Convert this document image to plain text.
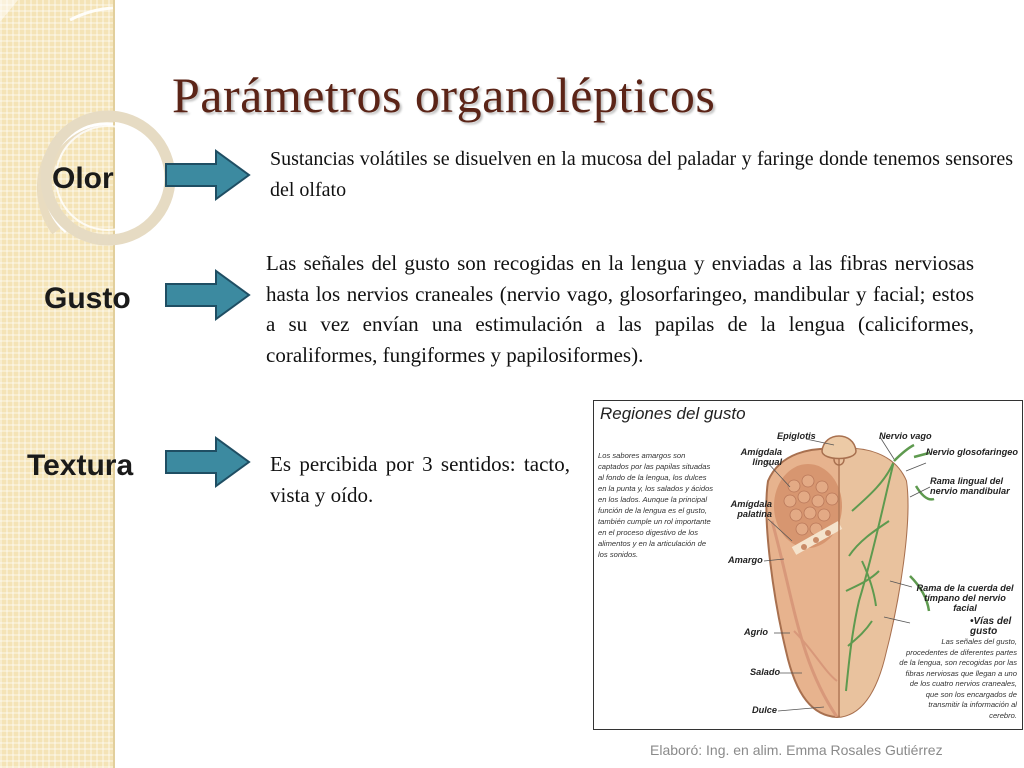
Parámetros organolépticos
Olor
Sustancias volátiles se disuelven en la mucosa del paladar y faringe donde tenemos sensores del olfato
Gusto
Las señales del gusto son recogidas en la lengua y enviadas a las fibras nerviosas hasta los nervios craneales (nervio vago, glosorfaringeo, mandibular y facial; estos a su vez envían una estimulación a las papilas de la lengua (caliciformes, coraliformes, fungiformes y papilosiformes).
Textura	Es percibida por 3 sentidos: tacto, vista y oído.
Regiones del gusto
Los sabores amargos son captados por las papilas situadas al fondo de la lengua, los dulces en la punta y, los salados y ácidos en los lados. Aunque la principal función de la lengua es el gusto, también cumple un rol importante en el proceso digestivo de los alimentos y en la articulación de los sonidos.
Epiglotis	Nervio vago
Amígdala lingual
Nervio glosofaringeo
Rama lingual del nervio mandibular
Amígdala palatina
Amargo
Rama de la cuerda del tímpano del nervio facial
•Vías del gusto
Agrio
Salado
Dulce
Las señales del gusto, procedentes de diferentes partes de la lengua, son recogidas por las fibras nerviosas que llegan a uno de los cuatro nervios craneales, que son los encargados de transmitir la información al cerebro.
Elaboró: Ing. en alim. Emma Rosales Gutiérrez
